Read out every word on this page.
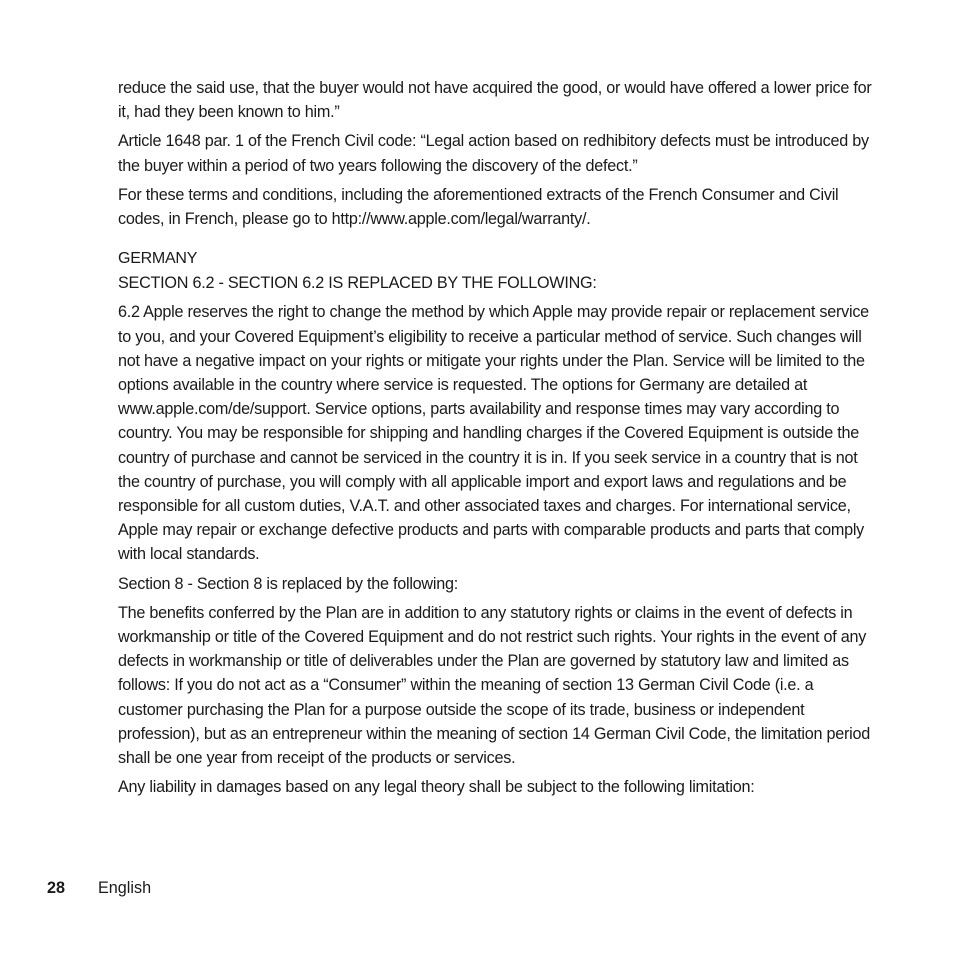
reduce the said use, that the buyer would not have acquired the good, or would have offered a lower price for it, had they been known to him.”

Article 1648 par. 1 of the French Civil code: “Legal action based on redhibitory defects must be introduced by the buyer within a period of two years following the discovery of the defect.”

For these terms and conditions, including the aforementioned extracts of the French Consumer and Civil codes, in French, please go to http://www.apple.com/legal/warranty/.

GERMANY

SECTION 6.2 - SECTION 6.2 IS REPLACED BY THE FOLLOWING:

6.2 Apple reserves the right to change the method by which Apple may provide repair or replacement service to you, and your Covered Equipment’s eligibility to receive a particular method of service. Such changes will not have a negative impact on your rights or mitigate your rights under the Plan. Service will be limited to the options available in the country where service is requested. The options for Germany are detailed at www.apple.com/de/support. Service options, parts availability and response times may vary according to country. You may be responsible for shipping and handling charges if the Covered Equipment is outside the country of purchase and cannot be serviced in the country it is in. If you seek service in a country that is not the country of purchase, you will comply with all applicable import and export laws and regulations and be responsible for all custom duties, V.A.T. and other associated taxes and charges. For international service, Apple may repair or exchange defective products and parts with comparable products and parts that comply with local standards.

Section 8 - Section 8 is replaced by the following:

The benefits conferred by the Plan are in addition to any statutory rights or claims in the event of defects in workmanship or title of the Covered Equipment and do not restrict such rights. Your rights in the event of any defects in workmanship or title of deliverables under the Plan are governed by statutory law and limited as follows: If you do not act as a “Consumer” within the meaning of section 13 German Civil Code (i.e. a customer purchasing the Plan for a purpose outside the scope of its trade, business or independent profession), but as an entrepreneur within the meaning of section 14 German Civil Code, the limitation period shall be one year from receipt of the products or services.

Any liability in damages based on any legal theory shall be subject to the following limitation:

28 English
